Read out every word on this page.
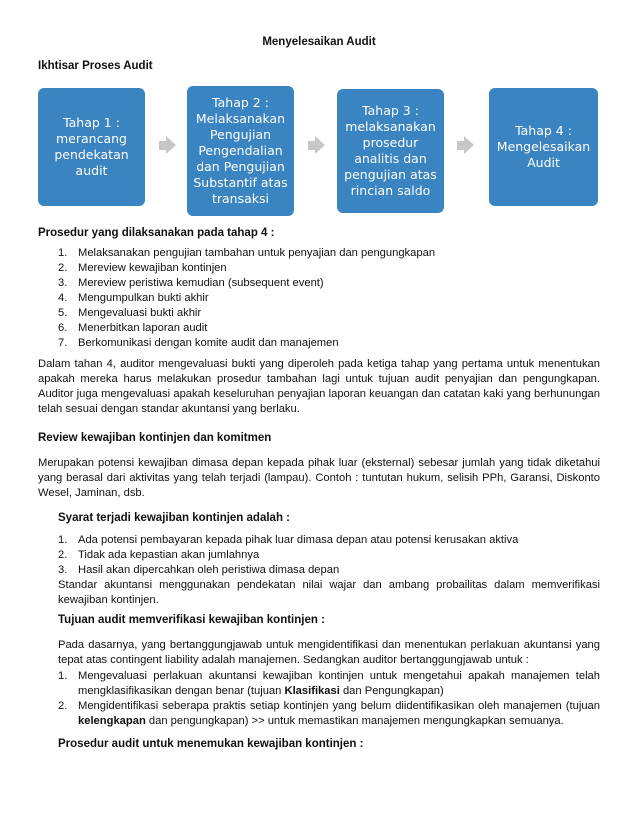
Menyelesaikan Audit
Ikhtisar Proses Audit
Tahap 1 : merancang pendekatan audit
Tahap 2 : Melaksanakan Pengujian Pengendalian dan Pengujian Substantif atas transaksi
Tahap 3 : melaksanakan prosedur analitis dan pengujian atas rincian saldo
Tahap 4 : Mengelesaikan Audit
Prosedur yang dilaksanakan pada tahap 4 :
1. Melaksanakan pengujian tambahan untuk penyajian dan pengungkapan
2. Mereview kewajiban kontinjen
3. Mereview peristiwa kemudian (subsequent event)
4. Mengumpulkan bukti akhir
5. Mengevaluasi bukti akhir
6. Menerbitkan laporan audit
7. Berkomunikasi dengan komite audit dan manajemen
Dalam tahan 4, auditor mengevaluasi bukti yang diperoleh pada ketiga tahap yang pertama untuk menentukan apakah mereka harus melakukan prosedur tambahan lagi untuk tujuan audit penyajian dan pengungkapan. Auditor juga mengevaluasi apakah keseluruhan penyajian laporan keuangan dan catatan kaki yang berhunungan telah sesuai dengan standar akuntansi yang berlaku.
Review kewajiban kontinjen dan komitmen
Merupakan potensi kewajiban dimasa depan kepada pihak luar (eksternal) sebesar jumlah yang tidak diketahui yang berasal dari aktivitas yang telah terjadi (lampau). Contoh : tuntutan hukum, selisih PPh, Garansi, Diskonto Wesel, Jaminan, dsb.
Syarat terjadi kewajiban kontinjen adalah :
1. Ada potensi pembayaran kepada pihak luar dimasa depan atau potensi kerusakan aktiva
2. Tidak ada kepastian akan jumlahnya
3. Hasil akan dipercahkan oleh peristiwa dimasa depan
Standar akuntansi menggunakan pendekatan nilai wajar dan ambang probailitas dalam memverifikasi kewajiban kontinjen.
Tujuan audit memverifikasi kewajiban kontinjen :
Pada dasarnya, yang bertanggungjawab untuk mengidentifikasi dan menentukan perlakuan akuntansi yang tepat atas contingent liability adalah manajemen. Sedangkan auditor bertanggungjawab untuk :
1. Mengevaluasi perlakuan akuntansi kewajiban kontinjen untuk mengetahui apakah manajemen telah mengklasifikasikan dengan benar (tujuan Klasifikasi dan Pengungkapan)
2. Mengidentifikasi seberapa praktis setiap kontinjen yang belum diidentifikasikan oleh manajemen (tujuan kelengkapan dan pengungkapan) >> untuk memastikan manajemen mengungkapkan semuanya.
Prosedur audit untuk menemukan kewajiban kontinjen :
